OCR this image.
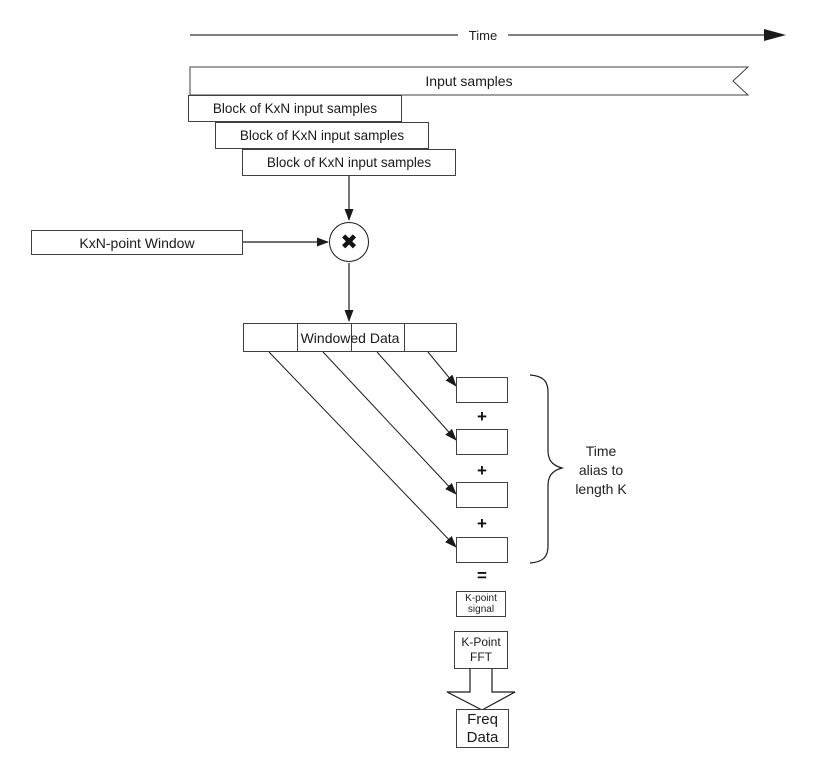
Time
Input samples
Block of KxN input samples
Block of KxN input samples
Block of KxN input samples
KxN-point Window	✖
Windowed Data
+
+
+
=
Time
alias to
length K
K-point
signal
K-Point
FFT
Freq
Data
